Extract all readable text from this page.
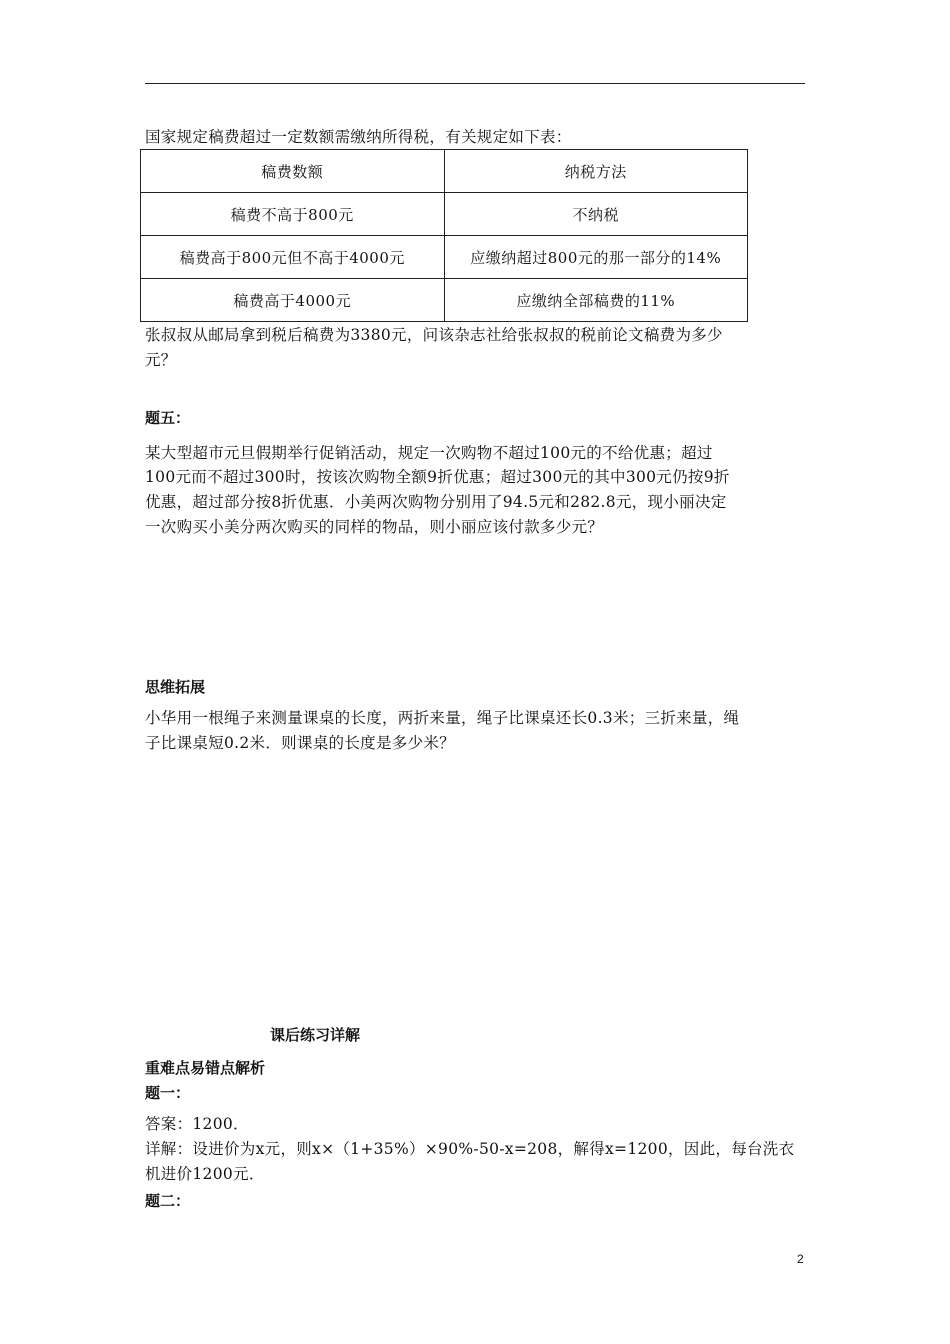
国家规定稿费超过一定数额需缴纳所得税，有关规定如下表：
稿费数额	纳税方法
稿费不高于800元	不纳税
稿费高于800元但不高于4000元	应缴纳超过800元的那一部分的14%
稿费高于4000元	应缴纳全部稿费的11%
张叔叔从邮局拿到税后稿费为3380元，问该杂志社给张叔叔的税前论文稿费为多少
元？
题五：
某大型超市元旦假期举行促销活动，规定一次购物不超过100元的不给优惠；超过
100元而不超过300时，按该次购物全额9折优惠；超过300元的其中300元仍按9折
优惠，超过部分按8折优惠．小美两次购物分别用了94.5元和282.8元，现小丽决定
一次购买小美分两次购买的同样的物品，则小丽应该付款多少元？
思维拓展
小华用一根绳子来测量课桌的长度，两折来量，绳子比课桌还长0.3米；三折来量，绳
子比课桌短0.2米．则课桌的长度是多少米？
课后练习详解
重难点易错点解析
题一：
答案：1200．
详解：设进价为x元，则x×（1+35%）×90%-50-x=208，解得x=1200，因此，每台洗衣
机进价1200元．
题二：
2
